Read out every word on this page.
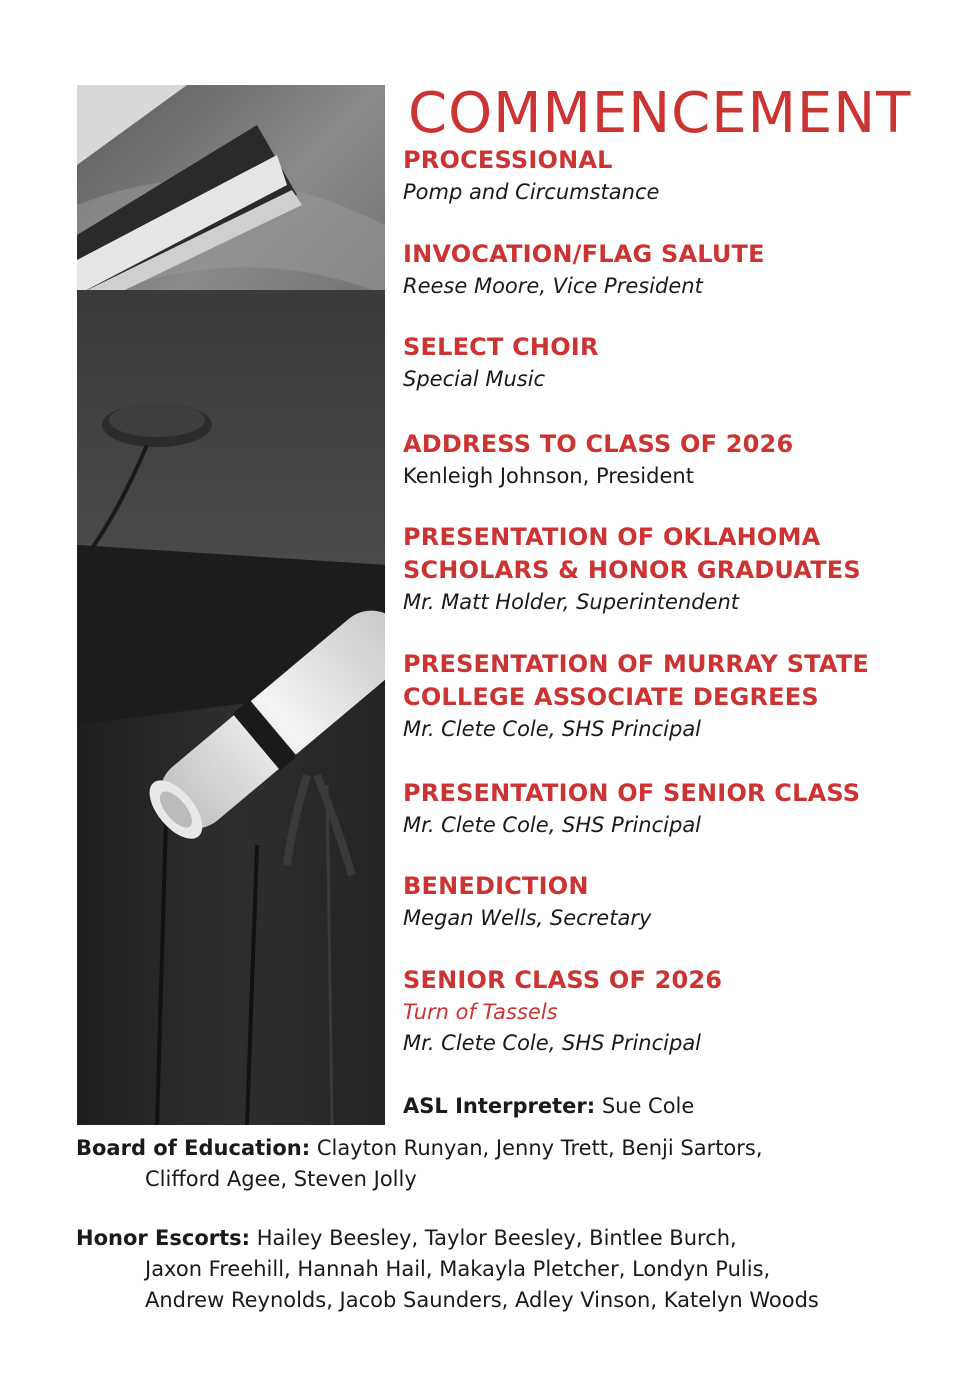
COMMENCEMENT
PROCESSIONAL
Pomp and Circumstance
INVOCATION/FLAG SALUTE
Reese Moore, Vice President
SELECT CHOIR
Special Music
ADDRESS TO CLASS OF 2026
Kenleigh Johnson, President
PRESENTATION OF OKLAHOMA
SCHOLARS & HONOR GRADUATES
Mr. Matt Holder, Superintendent
PRESENTATION OF MURRAY STATE
COLLEGE ASSOCIATE DEGREES
Mr. Clete Cole, SHS Principal
PRESENTATION OF SENIOR CLASS
Mr. Clete Cole, SHS Principal
BENEDICTION
Megan Wells, Secretary
SENIOR CLASS OF 2026
Turn of Tassels
Mr. Clete Cole, SHS Principal
ASL Interpreter: Sue Cole
Board of Education: Clayton Runyan, Jenny Trett, Benji Sartors,
Clifford Agee, Steven Jolly
Honor Escorts: Hailey Beesley, Taylor Beesley, Bintlee Burch,
Jaxon Freehill, Hannah Hail, Makayla Pletcher, Londyn Pulis,
Andrew Reynolds, Jacob Saunders, Adley Vinson, Katelyn Woods
